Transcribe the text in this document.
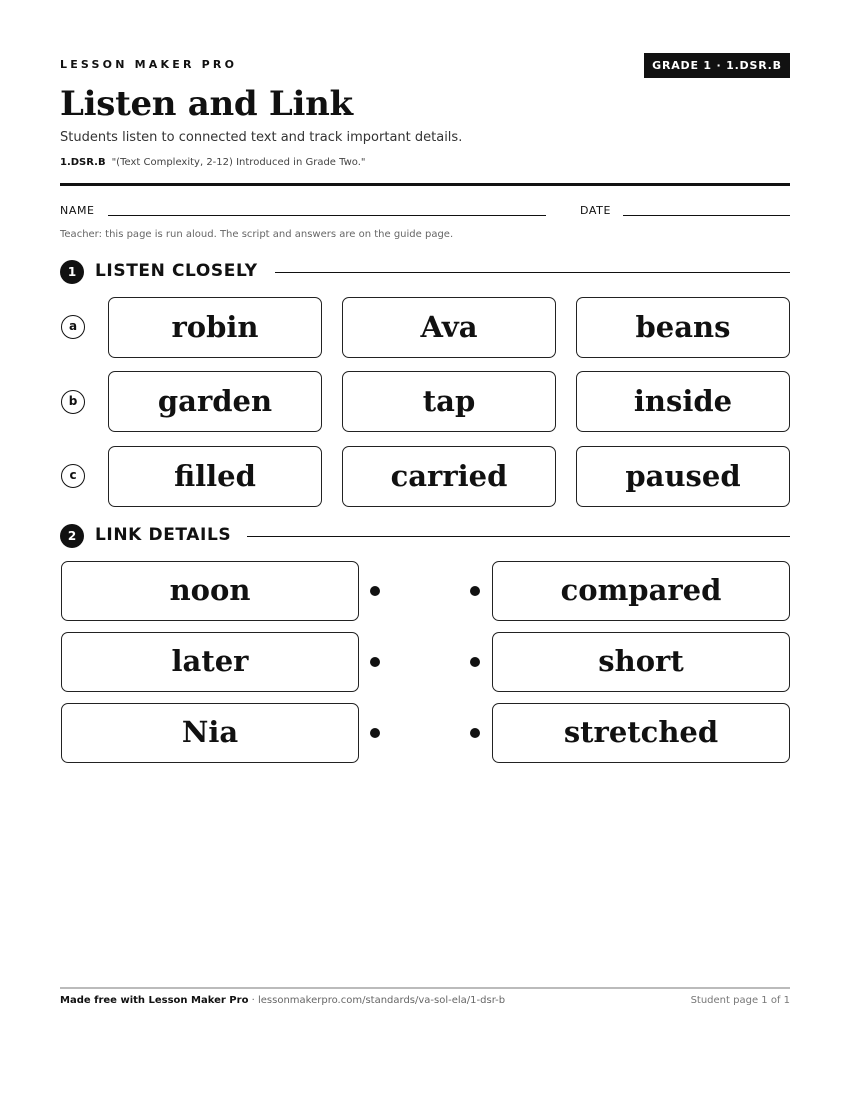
LESSON MAKER PRO	GRADE 1 · 1.DSR.B
Listen and Link
Students listen to connected text and track important details.
1.DSR.B "(Text Complexity, 2-12) Introduced in Grade Two."
NAME	DATE
Teacher: this page is run aloud. The script and answers are on the guide page.
1	LISTEN CLOSELY
a	robin	Ava	beans
b	garden	tap	inside
c	filled	carried	paused
2	LINK DETAILS
noon	compared
later	short
Nia	stretched
Made free with Lesson Maker Pro · lessonmakerpro.com/standards/va-sol-ela/1-dsr-b	Student page 1 of 1
